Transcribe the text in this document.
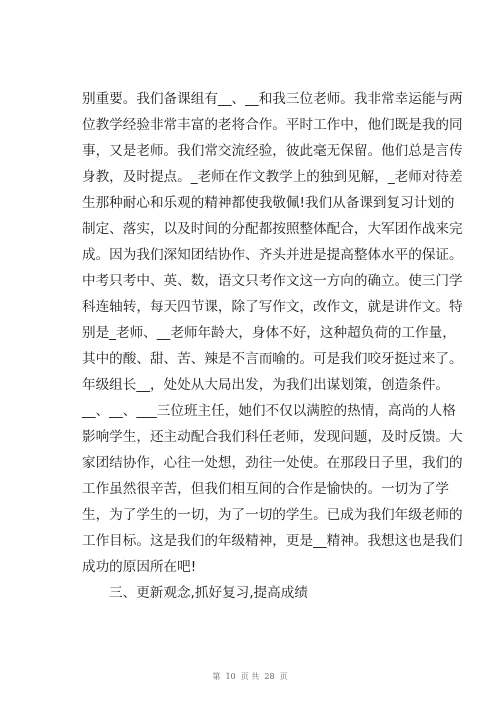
别重要。我们备课组有__、__和我三位老师。我非常幸运能与两
位教学经验非常丰富的老将合作。平时工作中，他们既是我的同
事，又是老师。我们常交流经验，彼此毫无保留。他们总是言传
身教，及时提点。_老师在作文教学上的独到见解，_老师对待差
生那种耐心和乐观的精神都使我敬佩!我们从备课到复习计划的
制定、落实，以及时间的分配都按照整体配合，大军团作战来完
成。因为我们深知团结协作、齐头并进是提高整体水平的保证。
中考只考中、英、数，语文只考作文这一方向的确立。使三门学
科连轴转，每天四节课，除了写作文，改作文，就是讲作文。特
别是_老师、__老师年龄大，身体不好，这种超负荷的工作量，
其中的酸、甜、苦、辣是不言而喻的。可是我们咬牙挺过来了。
年级组长__，处处从大局出发，为我们出谋划策，创造条件。
__、__、___三位班主任，她们不仅以满腔的热情，高尚的人格
影响学生，还主动配合我们科任老师，发现问题，及时反馈。大
家团结协作，心往一处想，劲往一处使。在那段日子里，我们的
工作虽然很辛苦，但我们相互间的合作是愉快的。一切为了学
生，为了学生的一切，为了一切的学生。已成为我们年级老师的
工作目标。这是我们的年级精神，更是__精神。我想这也是我们
成功的原因所在吧!
三、更新观念,抓好复习,提高成绩
第  10  页 共  28  页
